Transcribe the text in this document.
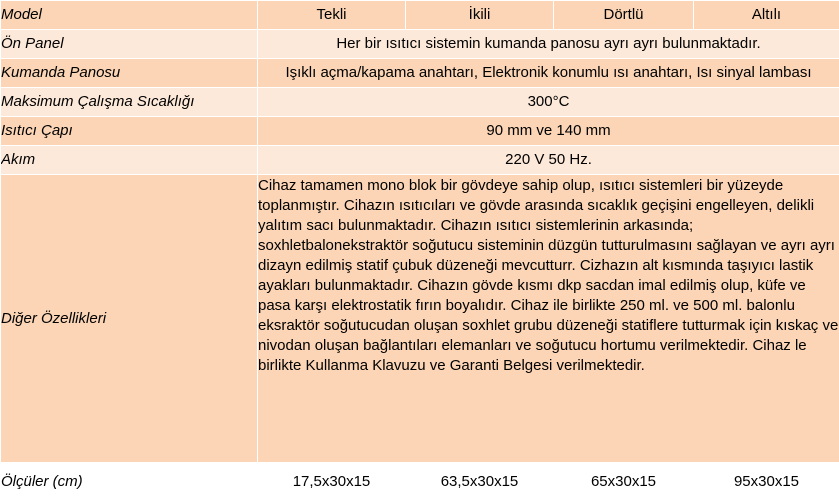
Model	Tekli	İkili	Dörtlü	Altılı
Ön Panel	Her bir ısıtıcı sistemin kumanda panosu ayrı ayrı bulunmaktadır.			
Kumanda Panosu	Işıklı açma/kapama anahtarı, Elektronik konumlu ısı anahtarı, Isı sinyal lambası			
Maksimum Çalışma Sıcaklığı	300°C			
Isıtıcı Çapı	90 mm ve 140 mm			
Akım	220 V 50 Hz.			
Diğer Özellikleri	Cihaz tamamen mono blok bir gövdeye sahip olup, ısıtıcı sistemleri bir yüzeyde toplanmıştır. Cihazın ısıtıcıları ve gövde arasında sıcaklık geçişini engelleyen, delikli yalıtım sacı bulunmaktadır. Cihazın ısıtıcı sistemlerinin arkasında; soxhletbalonekstraktör soğutucu sisteminin düzgün tutturulmasını sağlayan ve ayrı ayrı dizayn edilmiş statif çubuk düzeneği mevcutturr. Cizhazın alt kısmında taşıyıcı lastik ayakları bulunmaktadır. Cihazın gövde kısmı dkp sacdan imal edilmiş olup, küfe ve pasa karşı elektrostatik fırın boyalıdır. Cihaz ile birlikte 250 ml. ve 500 ml. balonlu eksraktör soğutucudan oluşan soxhlet grubu düzeneği statiflere tutturmak için kıskaç ve nivodan oluşan bağlantıları elemanları ve soğutucu hortumu verilmektedir. Cihaz le birlikte Kullanma Klavuzu ve Garanti Belgesi verilmektedir.			

Ölçüler (cm)	17,5x30x15	63,5x30x15	65x30x15	95x30x15
